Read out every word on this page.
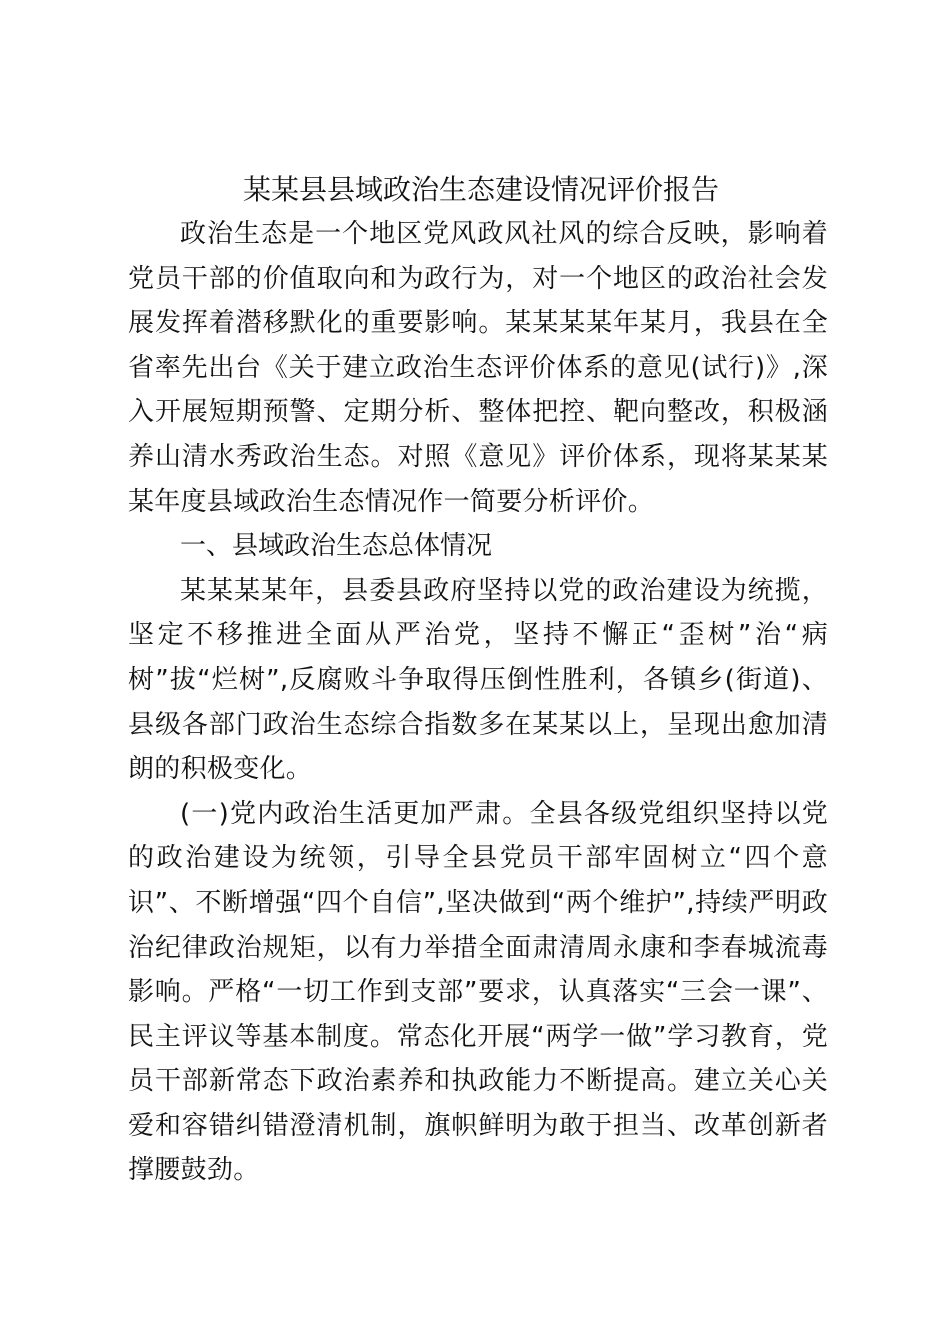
某某县县域政治生态建设情况评价报告

政治生态是一个地区党风政风社风的综合反映，影响着党员干部的价值取向和为政行为，对一个地区的政治社会发展发挥着潜移默化的重要影响。某某某某年某月，我县在全省率先出台《关于建立政治生态评价体系的意见(试行)》,深入开展短期预警、定期分析、整体把控、靶向整改，积极涵养山清水秀政治生态。对照《意见》评价体系，现将某某某某年度县域政治生态情况作一简要分析评价。

一、县域政治生态总体情况

某某某某年，县委县政府坚持以党的政治建设为统揽，坚定不移推进全面从严治党，坚持不懈正“歪树”治“病树”拔“烂树”,反腐败斗争取得压倒性胜利，各镇乡(街道)、县级各部门政治生态综合指数多在某某以上，呈现出愈加清朗的积极变化。

(一)党内政治生活更加严肃。全县各级党组织坚持以党的政治建设为统领，引导全县党员干部牢固树立“四个意识”、不断增强“四个自信”,坚决做到“两个维护”,持续严明政治纪律政治规矩，以有力举措全面肃清周永康和李春城流毒影响。严格“一切工作到支部”要求，认真落实“三会一课”、民主评议等基本制度。常态化开展“两学一做”学习教育，党员干部新常态下政治素养和执政能力不断提高。建立关心关爱和容错纠错澄清机制，旗帜鲜明为敢于担当、改革创新者撑腰鼓劲。
